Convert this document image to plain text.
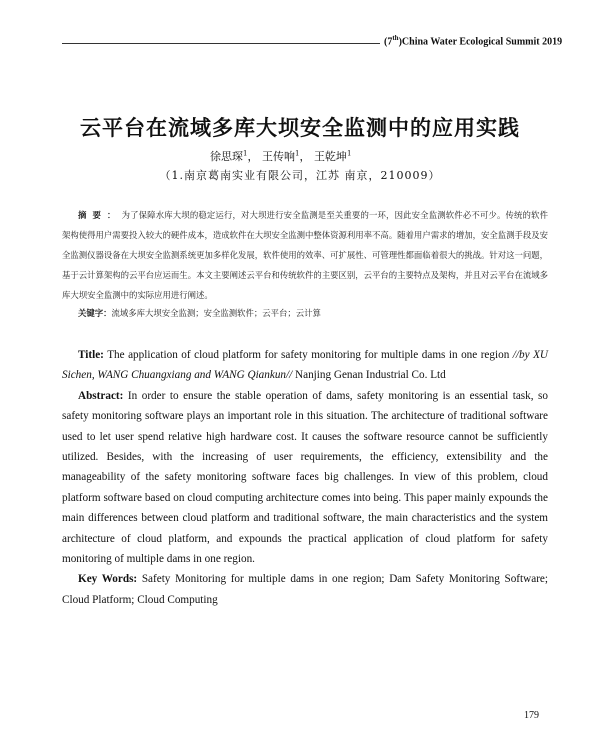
(7th)China Water Ecological Summit 2019
云平台在流域多库大坝安全监测中的应用实践
徐思琛$^1$， 王传响$^1$， 王乾坤$^1$
（1.南京葛南实业有限公司，江苏 南京，210009）
摘要：为了保障水库大坝的稳定运行，对大坝进行安全监测是至关重要的一环，因此安全监测软件必不可少。传统的软件架构使得用户需要投入较大的硬件成本，造成软件在大坝安全监测中整体资源利用率不高。随着用户需求的增加，安全监测手段及安全监测仪器设备在大坝安全监测系统更加多样化发展，软件使用的效率、可扩展性、可管理性都面临着很大的挑战。针对这一问题，基于云计算架构的云平台应运而生。本文主要阐述云平台和传统软件的主要区别，云平台的主要特点及架构，并且对云平台在流域多库大坝安全监测中的实际应用进行阐述。
关键字：流域多库大坝安全监测；安全监测软件；云平台；云计算

Title: The application of cloud platform for safety monitoring for multiple dams in one region //by XU Sichen, WANG Chuangxiang and WANG Qiankun// Nanjing Genan Industrial Co. Ltd

Abstract: In order to ensure the stable operation of dams, safety monitoring is an essential task, so safety monitoring software plays an important role in this situation. The architecture of traditional software used to let user spend relative high hardware cost. It causes the software resource cannot be sufficiently utilized. Besides, with the increasing of user requirements, the efficiency, extensibility and the manageability of the safety monitoring software faces big challenges. In view of this problem, cloud platform software based on cloud computing architecture comes into being. This paper mainly expounds the main differences between cloud platform and traditional software, the main characteristics and the system architecture of cloud platform, and expounds the practical application of cloud platform for safety monitoring of multiple dams in one region.

Key Words: Safety Monitoring for multiple dams in one region; Dam Safety Monitoring Software; Cloud Platform; Cloud Computing

179
